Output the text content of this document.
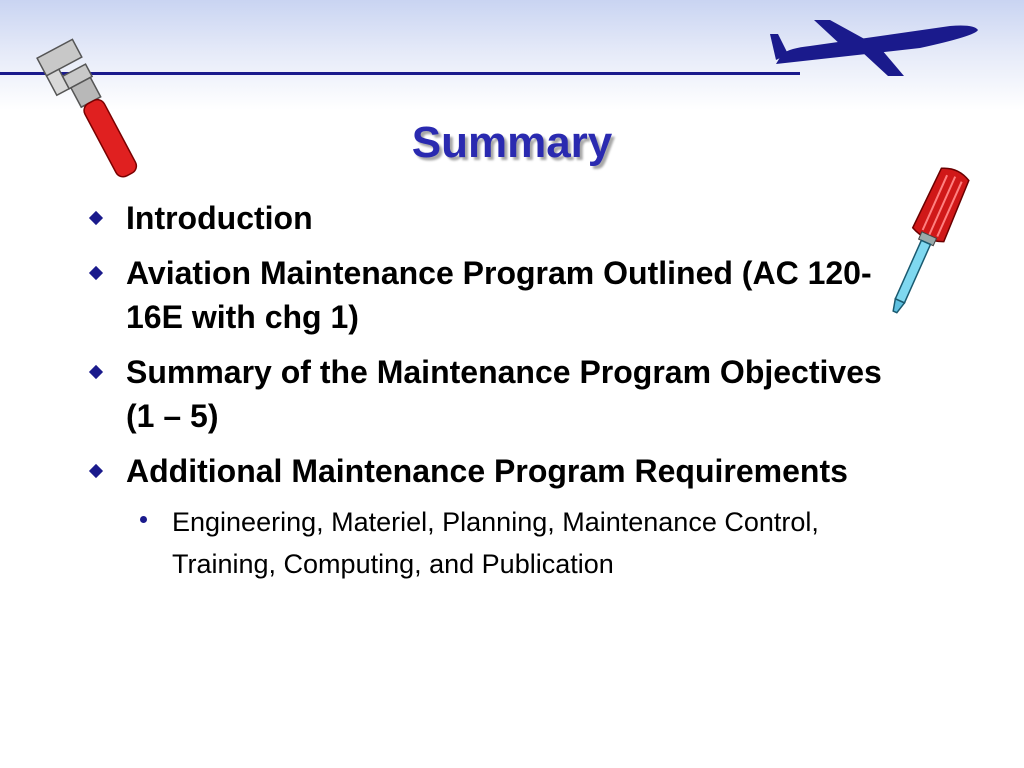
Summary
Introduction
Aviation Maintenance Program Outlined (AC 120-16E with chg 1)
Summary of the Maintenance Program Objectives (1 – 5)
Additional Maintenance Program Requirements
Engineering, Materiel, Planning, Maintenance Control, Training, Computing, and Publication
